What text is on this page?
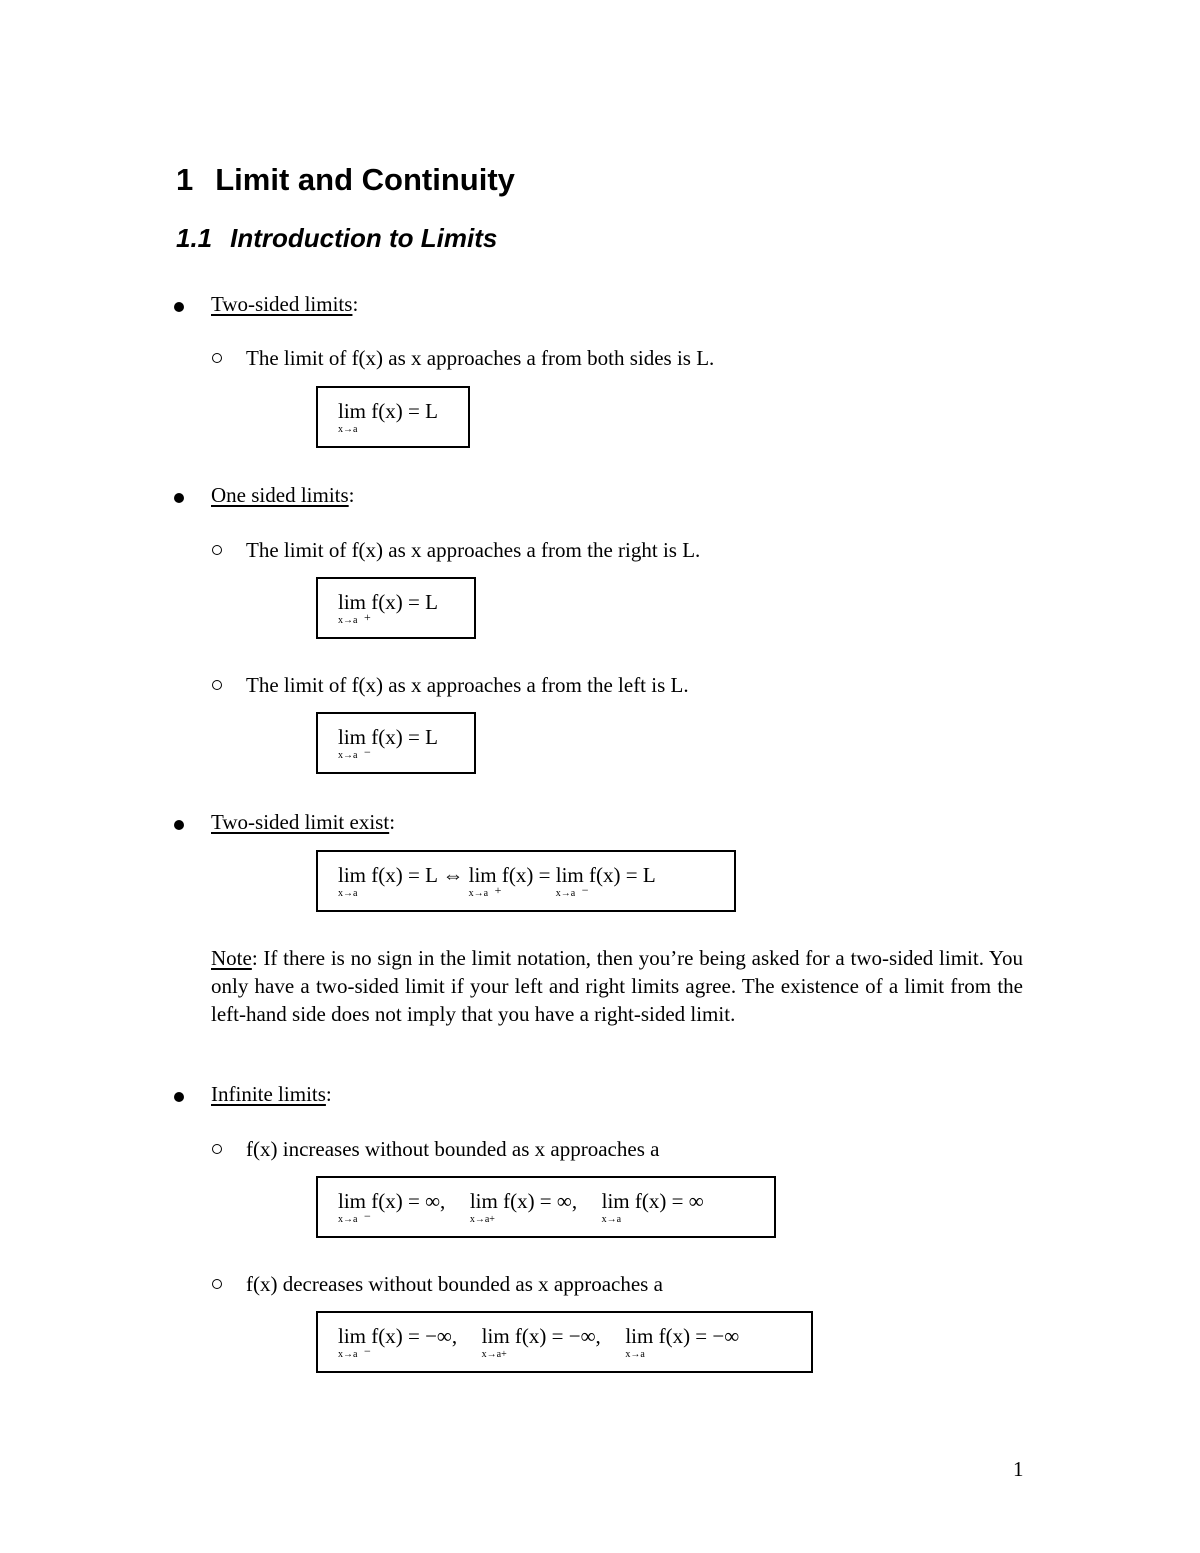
1 Limit and Continuity
1.1 Introduction to Limits
Two-sided limits:
The limit of f(x) as x approaches a from both sides is L.
lim
x→a
f(x) = L
One sided limits:
The limit of f(x) as x approaches a from the right is L.
lim
x→a +
f(x) = L
The limit of f(x) as x approaches a from the left is L.
lim
x→a −
f(x) = L
Two-sided limit exist:
lim
x→a
f(x) = L ⇔ lim
x→a +
f(x) = lim
x→a −
f(x) = L
Note: If there is no sign in the limit notation, then you’re being asked for a two-sided limit. You only have a two-sided limit if your left and right limits agree. The existence of a limit from the left-hand side does not imply that you have a right-sided limit.
Infinite limits:
f(x) increases without bounded as x approaches a
lim
x→a −
f(x) = ∞, lim
x→a+
f(x) = ∞, lim
x→a
f(x) = ∞
f(x) decreases without bounded as x approaches a
lim
x→a −
f(x) = −∞, lim
x→a+
f(x) = −∞, lim
x→a
f(x) = −∞
1
